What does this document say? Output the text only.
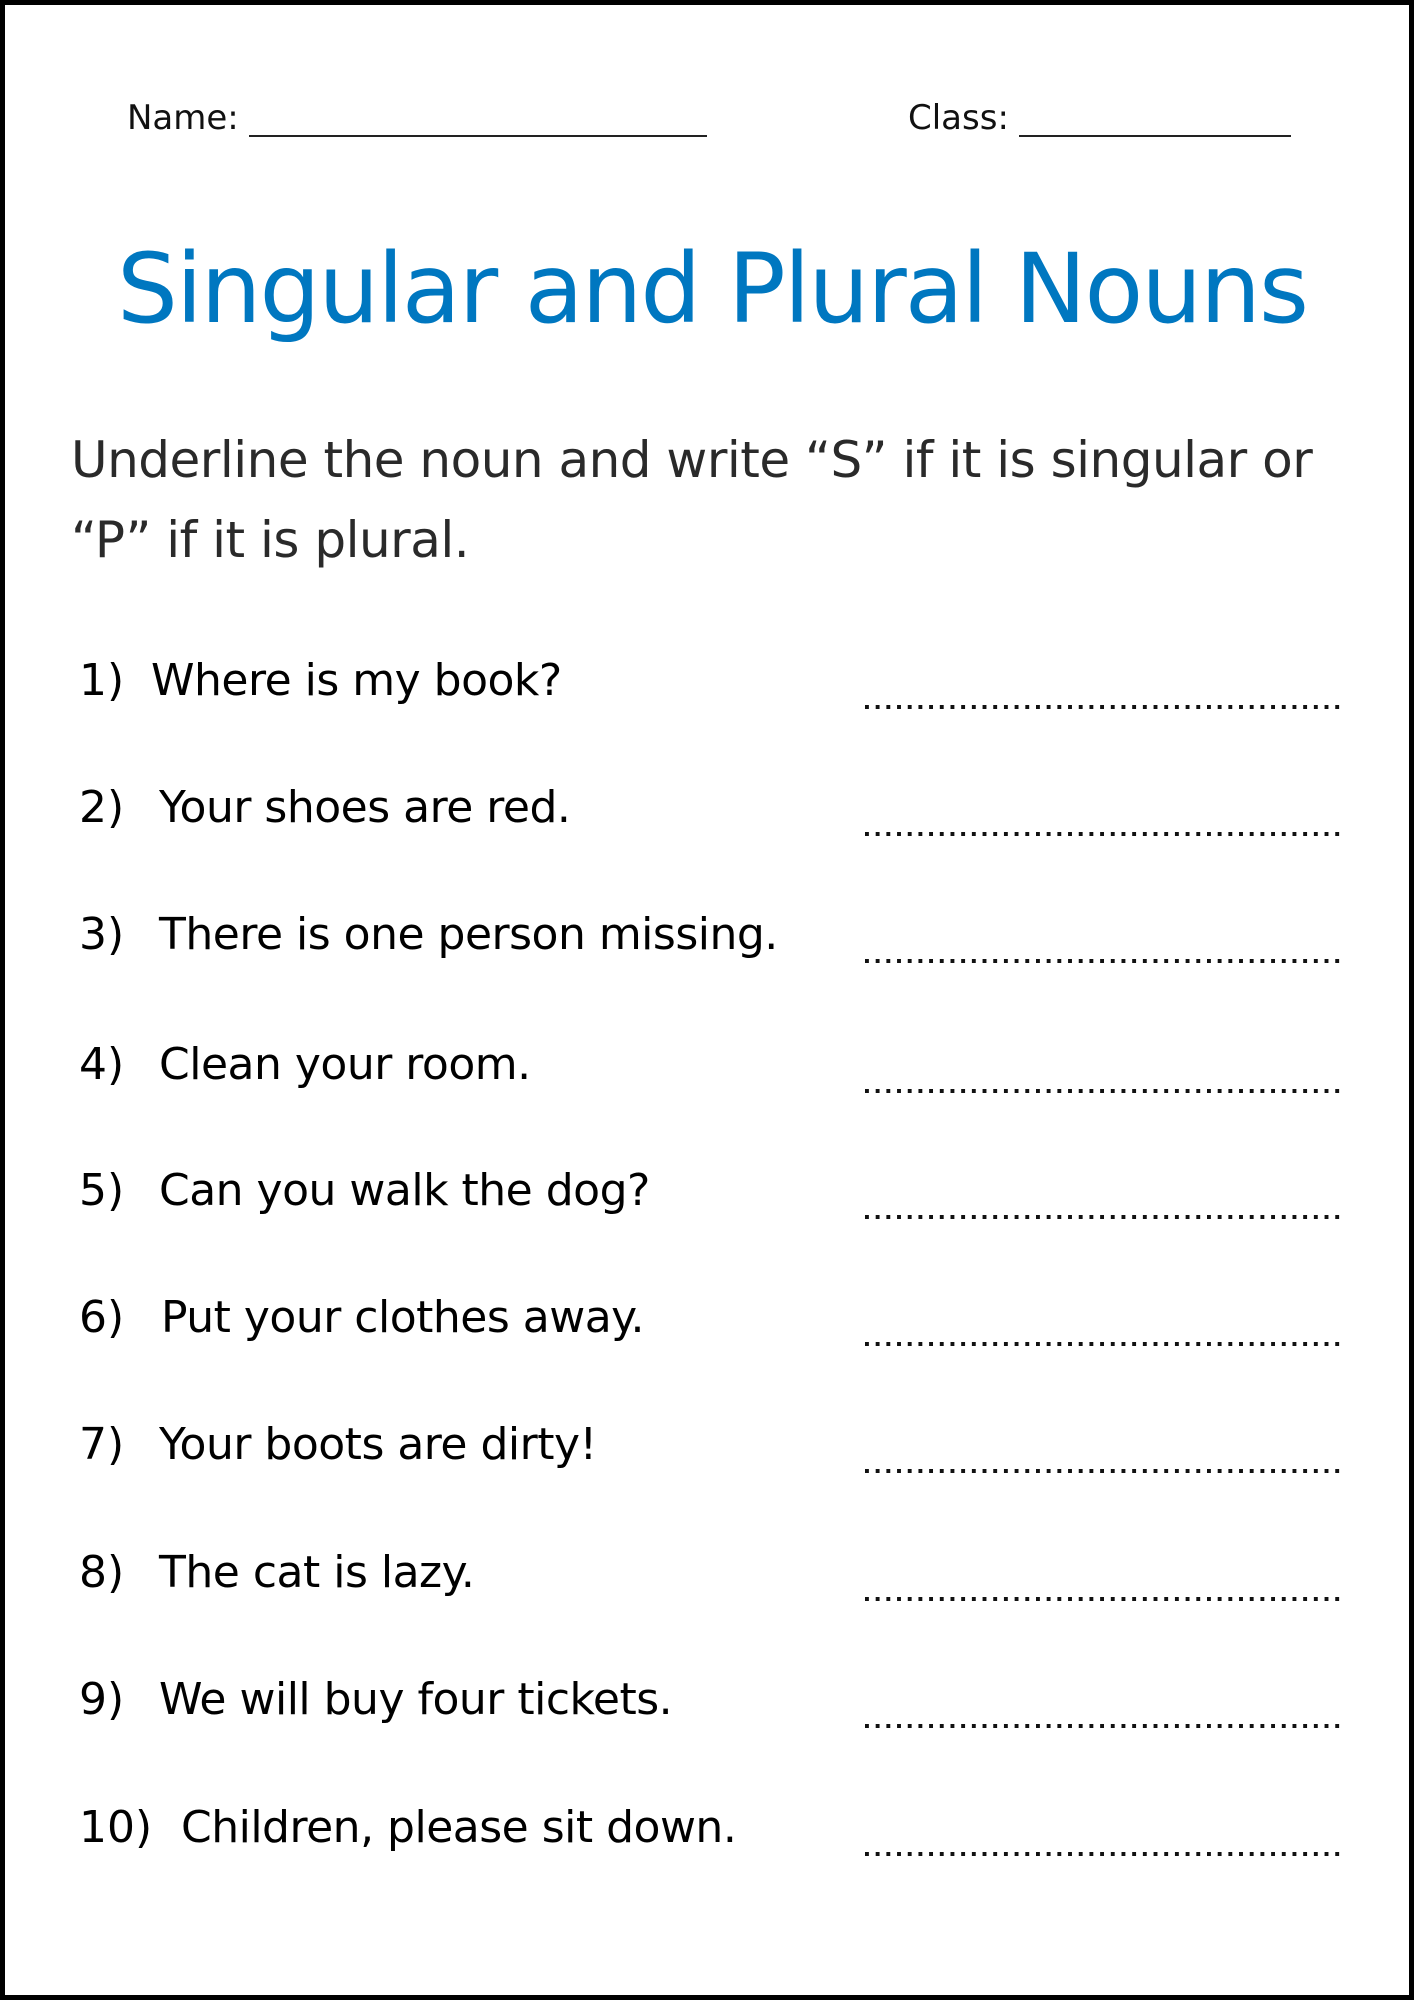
Name:	Class:
Singular and Plural Nouns
Underline the noun and write “S” if it is singular or “P” if it is plural.
1) Where is my book?
2) Your shoes are red.
3) There is one person missing.
4) Clean your room.
5) Can you walk the dog?
6) Put your clothes away.
7) Your boots are dirty!
8) The cat is lazy.
9) We will buy four tickets.
10) Children, please sit down.
